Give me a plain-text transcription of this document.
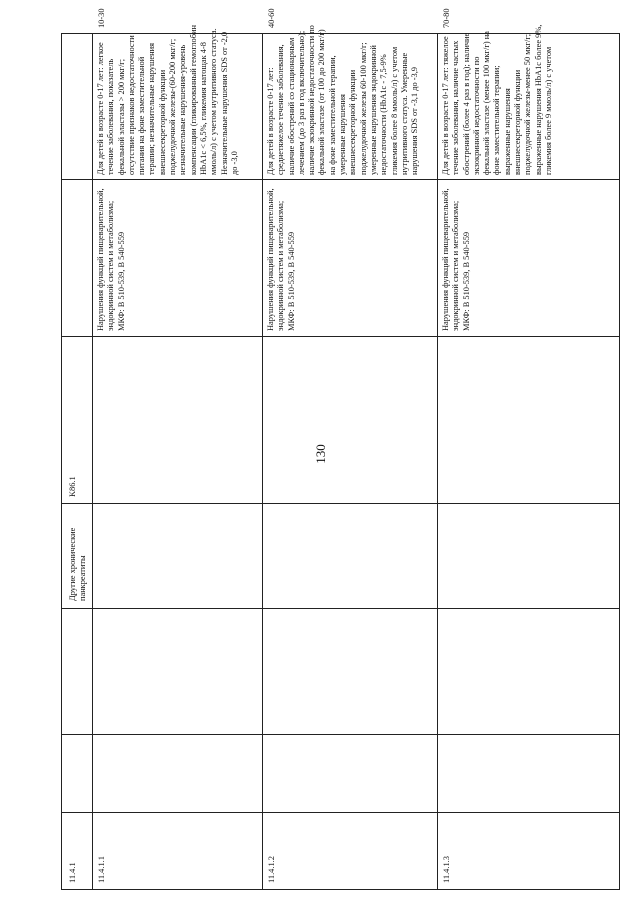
130
11.4.1
Другие хронические панкреатиты
K86.1
11.4.1.1
Нарушения функций пищеварительной, эндокринной систем и метаболизма; МКФ: В 510-539, В 540-559
Для детей в возрасте 0-17 лет: легкое течение заболевания, показатель фекальной эластазы > 200 мкг/г; отсутствие признаков недостаточности питания на фоне заместительной терапии; незначительные нарушения внешнесекреторной функции поджелудочной железы-(60-200 мкг/г; незначительные нарушения-уровень компенсации (гликированный гемоглобин HbA1c < 6,5%, гликемия натощак 4-8 ммоль/л) с учетом нутритивного статуса. Незначительные нарушения SDS от -2,0 до -3,0
10-30
11.4.1.2
Нарушения функций пищеварительной, эндокринной систем и метаболизма; МКФ: В 510-539, В 540-559
Для детей в возрасте 0-17 лет: среднетяжелое течение заболевания, наличие обострений со стационарным лечением (до 3 раз в год включительно); наличие экзокринной недостаточности по фекальной эластазе (от 100 до 200 мкг/г) на фоне заместительной терапии, умеренные нарушения внешнесекреторной функции поджелудочной железы 60-100 мкг/г; умеренные нарушения эндокринной недостаточности (HbA1c - 7,5-9% гликемия более 8 ммоль/л) с учетом нутритивного статуса. Умеренные нарушения SDS от -3,1 до -3,9
40-60
11.4.1.3
Нарушения функций пищеварительной, эндокринной систем и метаболизма; МКФ: В 510-539, В 540-559
Для детей в возрасте 0-17 лет: тяжелое течение заболевания, наличие частых обострений (более 4 раз в год); наличие экзокринной недостаточности по фекальной эластазе (менее 100 мкг/г) на фоне заместительной терапии; выраженные нарушения внешнесекреторной функции поджелудочной железы-менее 50 мкг/г; выраженные нарушения HbA1c более 9%, гликемия более 9 ммоль/л) с учетом
70-80
